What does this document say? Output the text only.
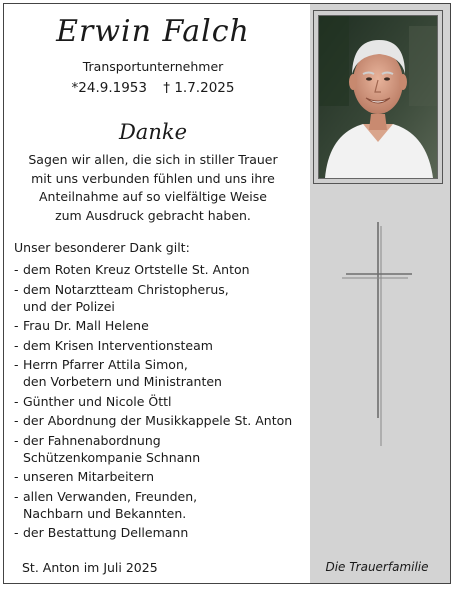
Erwin Falch
Transportunternehmer
*24.9.1953 † 1.7.2025
Danke
Sagen wir allen, die sich in stiller Trauer
mit uns verbunden fühlen und uns ihre
Anteilnahme auf so vielfältige Weise
zum Ausdruck gebracht haben.
Unser besonderer Dank gilt:
- dem Roten Kreuz Ortstelle St. Anton
- dem Notarztteam Christopherus,
und der Polizei
- Frau Dr. Mall Helene
- dem Krisen Interventionsteam
- Herrn Pfarrer Attila Simon,
den Vorbetern und Ministranten
- Günther und Nicole Öttl
- der Abordnung der Musikkappele St. Anton
- der Fahnenabordnung
Schützenkompanie Schnann
- unseren Mitarbeitern
- allen Verwanden, Freunden,
Nachbarn und Bekannten.
- der Bestattung Dellemann
St. Anton im Juli 2025	Die Trauerfamilie
